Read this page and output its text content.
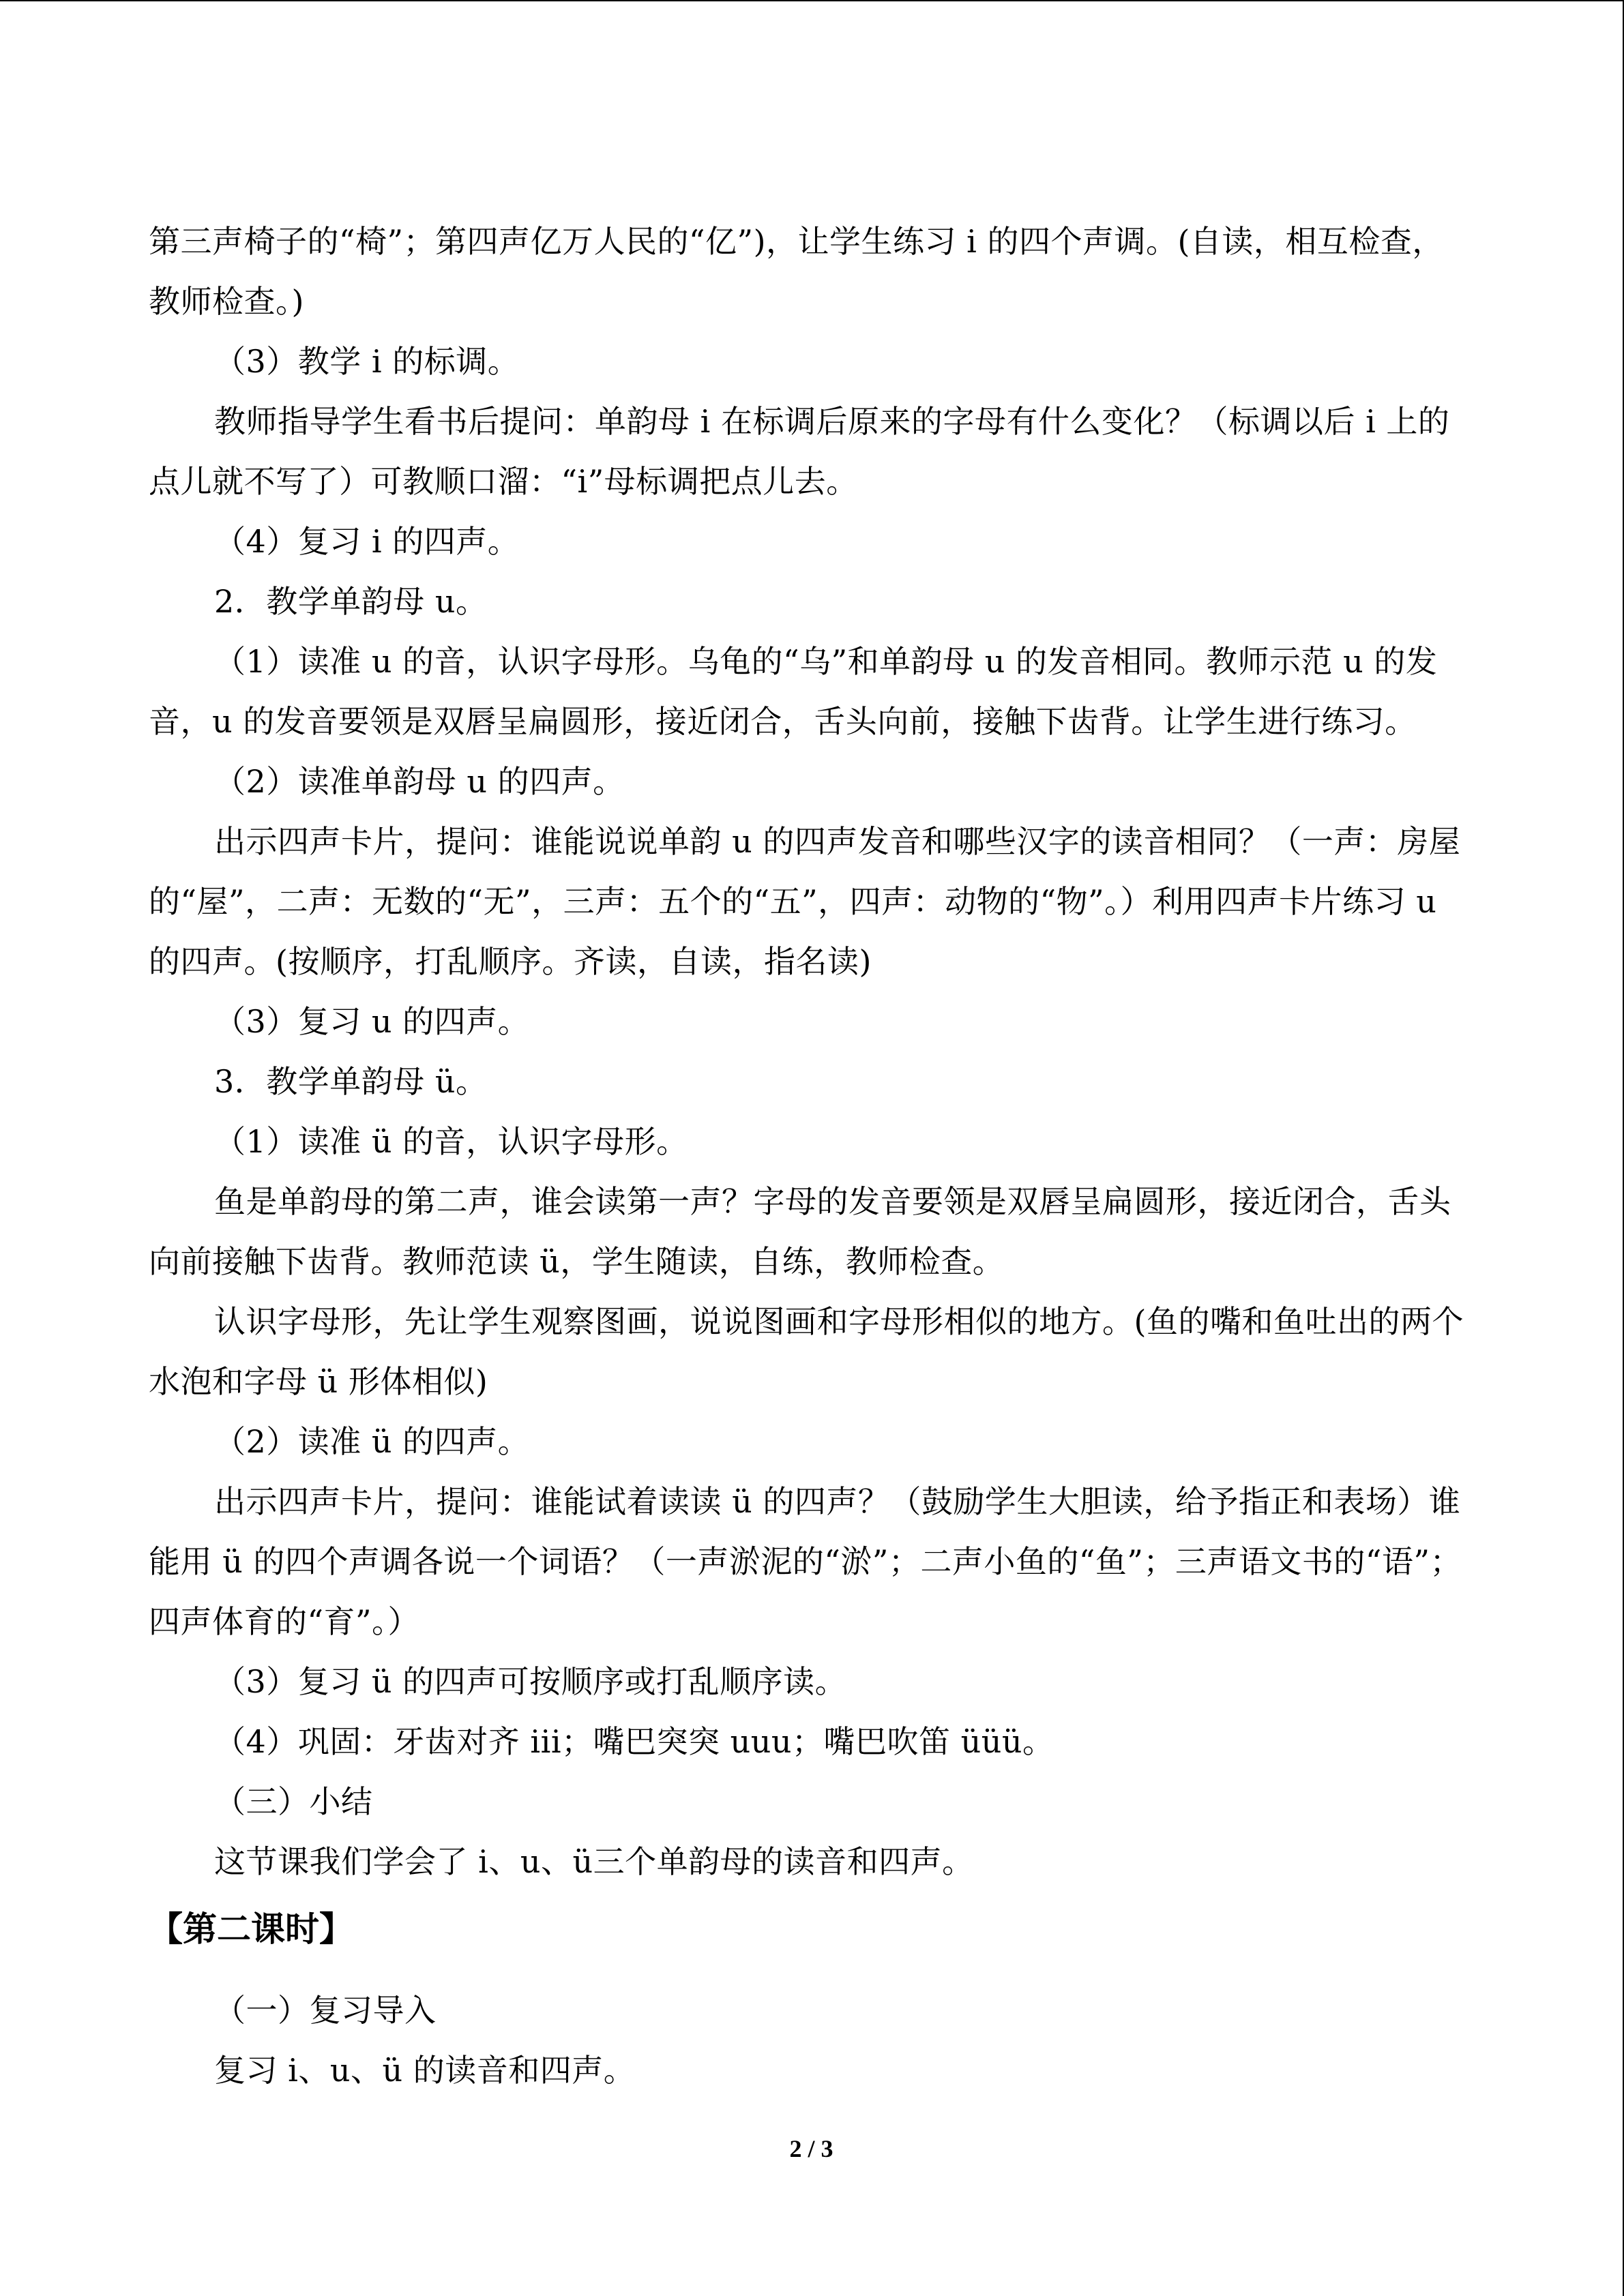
第三声椅子的“椅”；第四声亿万人民的“亿”)，让学生练习 i 的四个声调。(自读，相互检查，教师检查。)

（3）教学 i 的标调。

教师指导学生看书后提问：单韵母 i 在标调后原来的字母有什么变化？（标调以后 i 上的点儿就不写了）可教顺口溜：“i”母标调把点儿去。

（4）复习 i 的四声。

2．教学单韵母 u。

（1）读准 u 的音，认识字母形。乌龟的“乌”和单韵母 u 的发音相同。教师示范 u 的发音，u 的发音要领是双唇呈扁圆形，接近闭合，舌头向前，接触下齿背。让学生进行练习。

（2）读准单韵母 u 的四声。

出示四声卡片，提问：谁能说说单韵 u 的四声发音和哪些汉字的读音相同？（一声：房屋的“屋”，二声：无数的“无”，三声：五个的“五”，四声：动物的“物”。）利用四声卡片练习 u 的四声。(按顺序，打乱顺序。齐读，自读，指名读)

（3）复习 u 的四声。

3．教学单韵母 ü。

（1）读准 ü 的音，认识字母形。

鱼是单韵母的第二声，谁会读第一声？字母的发音要领是双唇呈扁圆形，接近闭合，舌头向前接触下齿背。教师范读 ü，学生随读，自练，教师检查。

认识字母形，先让学生观察图画，说说图画和字母形相似的地方。(鱼的嘴和鱼吐出的两个水泡和字母 ü 形体相似)

（2）读准 ü 的四声。

出示四声卡片，提问：谁能试着读读 ü 的四声？（鼓励学生大胆读，给予指正和表场）谁能用 ü 的四个声调各说一个词语？（一声淤泥的“淤”；二声小鱼的“鱼”；三声语文书的“语”；四声体育的“育”。）

（3）复习 ü 的四声可按顺序或打乱顺序读。

（4）巩固：牙齿对齐 iii；嘴巴突突 uuu；嘴巴吹笛 üüü。

（三）小结

这节课我们学会了 i、u、ü三个单韵母的读音和四声。

【第二课时】

（一）复习导入

复习 i、u、ü 的读音和四声。

2 / 3
